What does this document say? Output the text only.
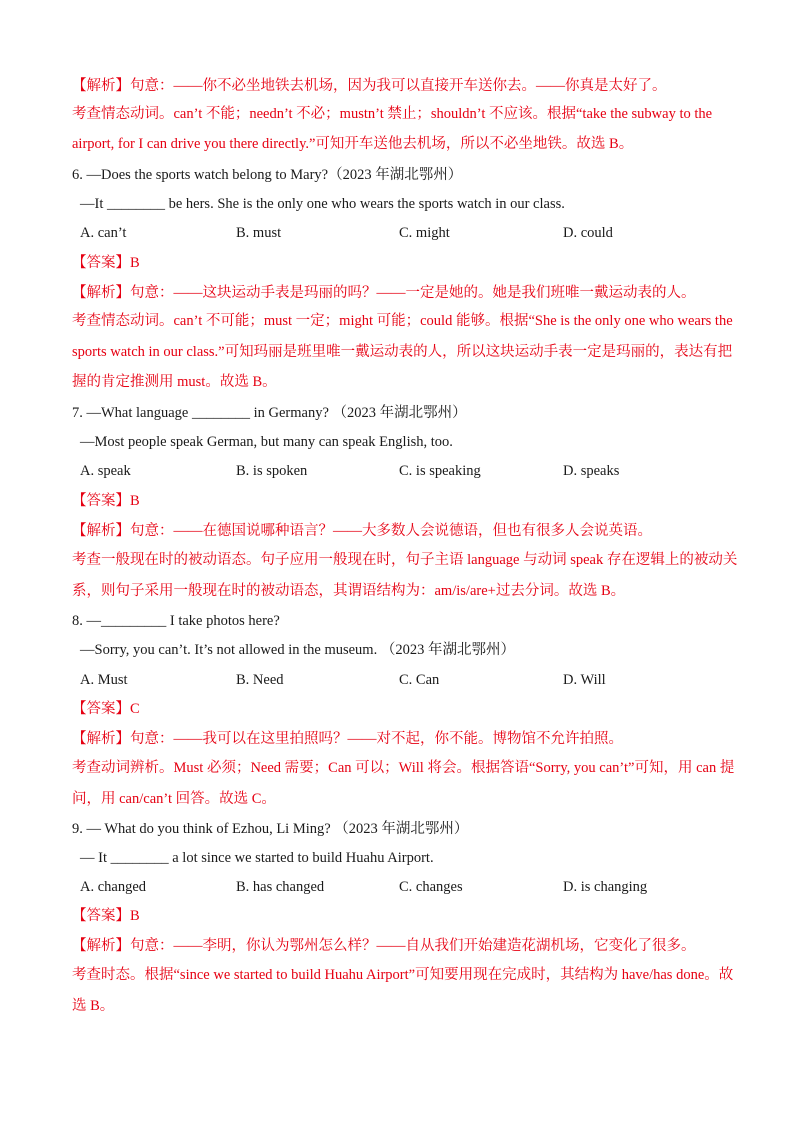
【解析】句意：——你不必坐地铁去机场，因为我可以直接开车送你去。——你真是太好了。
考查情态动词。can’t 不能；needn’t 不必；mustn’t 禁止；shouldn’t 不应该。根据“take the subway to the
airport, for I can drive you there directly.”可知开车送他去机场，所以不必坐地铁。故选 B。
6. —Does the sports watch belong to Mary?（2023 年湖北鄂州）
—It ________ be hers. She is the only one who wears the sports watch in our class.
A. can’t	B. must	C. might	D. could
【答案】B
【解析】句意：——这块运动手表是玛丽的吗？——一定是她的。她是我们班唯一戴运动表的人。
考查情态动词。can’t 不可能；must 一定；might 可能；could 能够。根据“She is the only one who wears the
sports watch in our class.”可知玛丽是班里唯一戴运动表的人，所以这块运动手表一定是玛丽的，表达有把
握的肯定推测用 must。故选 B。
7. —What language ________ in Germany? （2023 年湖北鄂州）
—Most people speak German, but many can speak English, too.
A. speak	B. is spoken	C. is speaking	D. speaks
【答案】B
【解析】句意：——在德国说哪种语言？——大多数人会说德语，但也有很多人会说英语。
考查一般现在时的被动语态。句子应用一般现在时，句子主语 language 与动词 speak 存在逻辑上的被动关
系，则句子采用一般现在时的被动语态，其谓语结构为：am/is/are+过去分词。故选 B。
8. —_________ I take photos here?
—Sorry, you can’t. It’s not allowed in the museum. （2023 年湖北鄂州）
A. Must	B. Need	C. Can	D. Will
【答案】C
【解析】句意：——我可以在这里拍照吗？——对不起，你不能。博物馆不允许拍照。
考查动词辨析。Must 必须；Need 需要；Can 可以；Will 将会。根据答语“Sorry, you can’t”可知，用 can 提
问，用 can/can’t 回答。故选 C。
9. — What do you think of Ezhou, Li Ming? （2023 年湖北鄂州）
— It ________ a lot since we started to build Huahu Airport.
A. changed	B. has changed	C. changes	D. is changing
【答案】B
【解析】句意：——李明，你认为鄂州怎么样？——自从我们开始建造花湖机场，它变化了很多。
考查时态。根据“since we started to build Huahu Airport”可知要用现在完成时，其结构为 have/has done。故
选 B。
